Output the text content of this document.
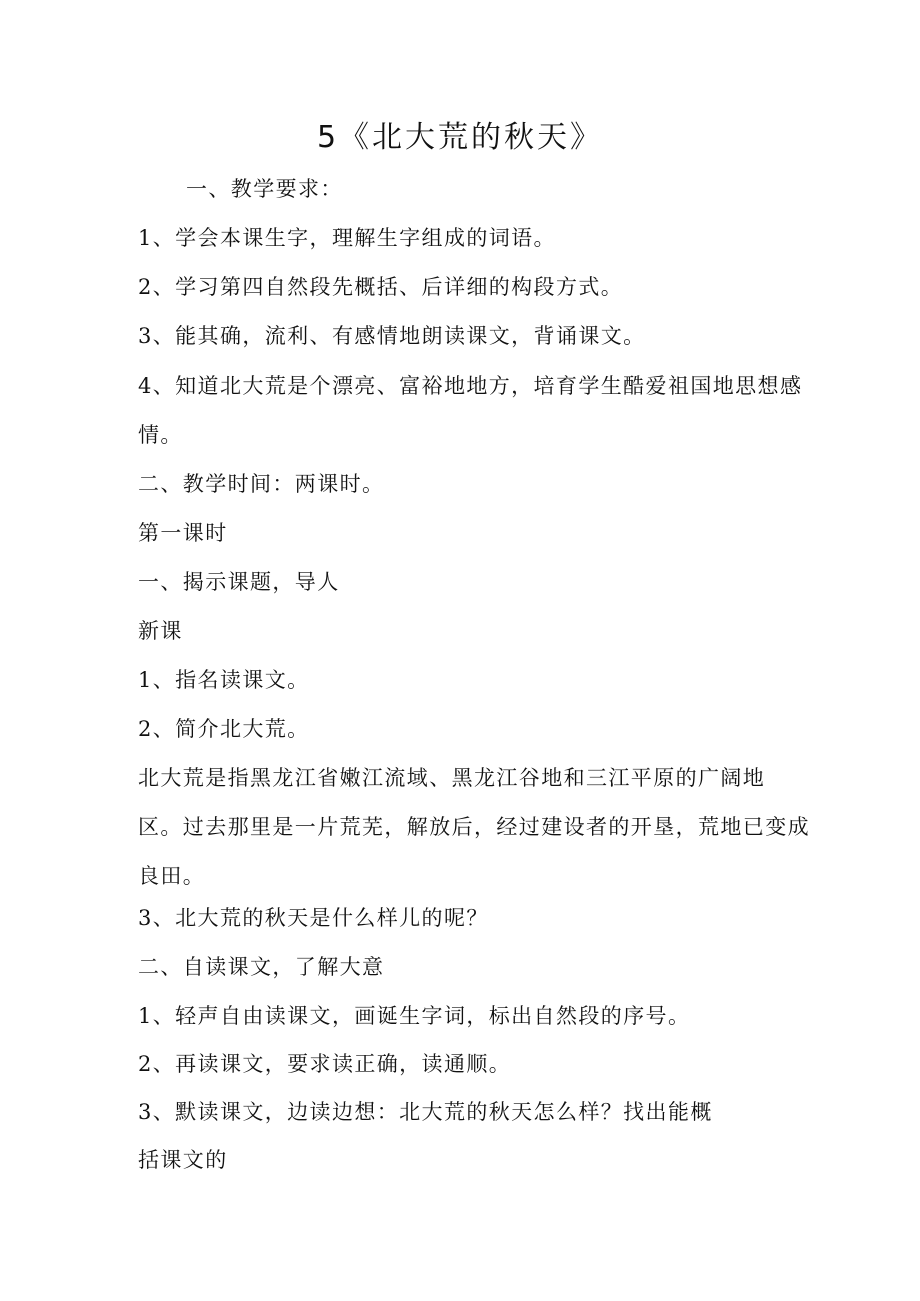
5《北大荒的秋天》
一、教学要求：
1、学会本课生字，理解生字组成的词语。
2、学习第四自然段先概括、后详细的构段方式。
3、能其确，流利、有感情地朗读课文，背诵课文。
4、知道北大荒是个漂亮、富裕地地方，培育学生酷爱祖国地思想感
情。
二、教学时间：两课时。
第一课时
一、揭示课题，导人
新课
1、指名读课文。
2、简介北大荒。
北大荒是指黑龙江省嫩江流域、黑龙江谷地和三江平原的广阔地
区。过去那里是一片荒芜，解放后，经过建设者的开垦，荒地已变成
良田。
3、北大荒的秋天是什么样儿的呢？
二、自读课文，了解大意
1、轻声自由读课文，画诞生字词，标出自然段的序号。
2、再读课文，要求读正确，读通顺。
3、默读课文，边读边想：北大荒的秋天怎么样？找出能概
括课文的
